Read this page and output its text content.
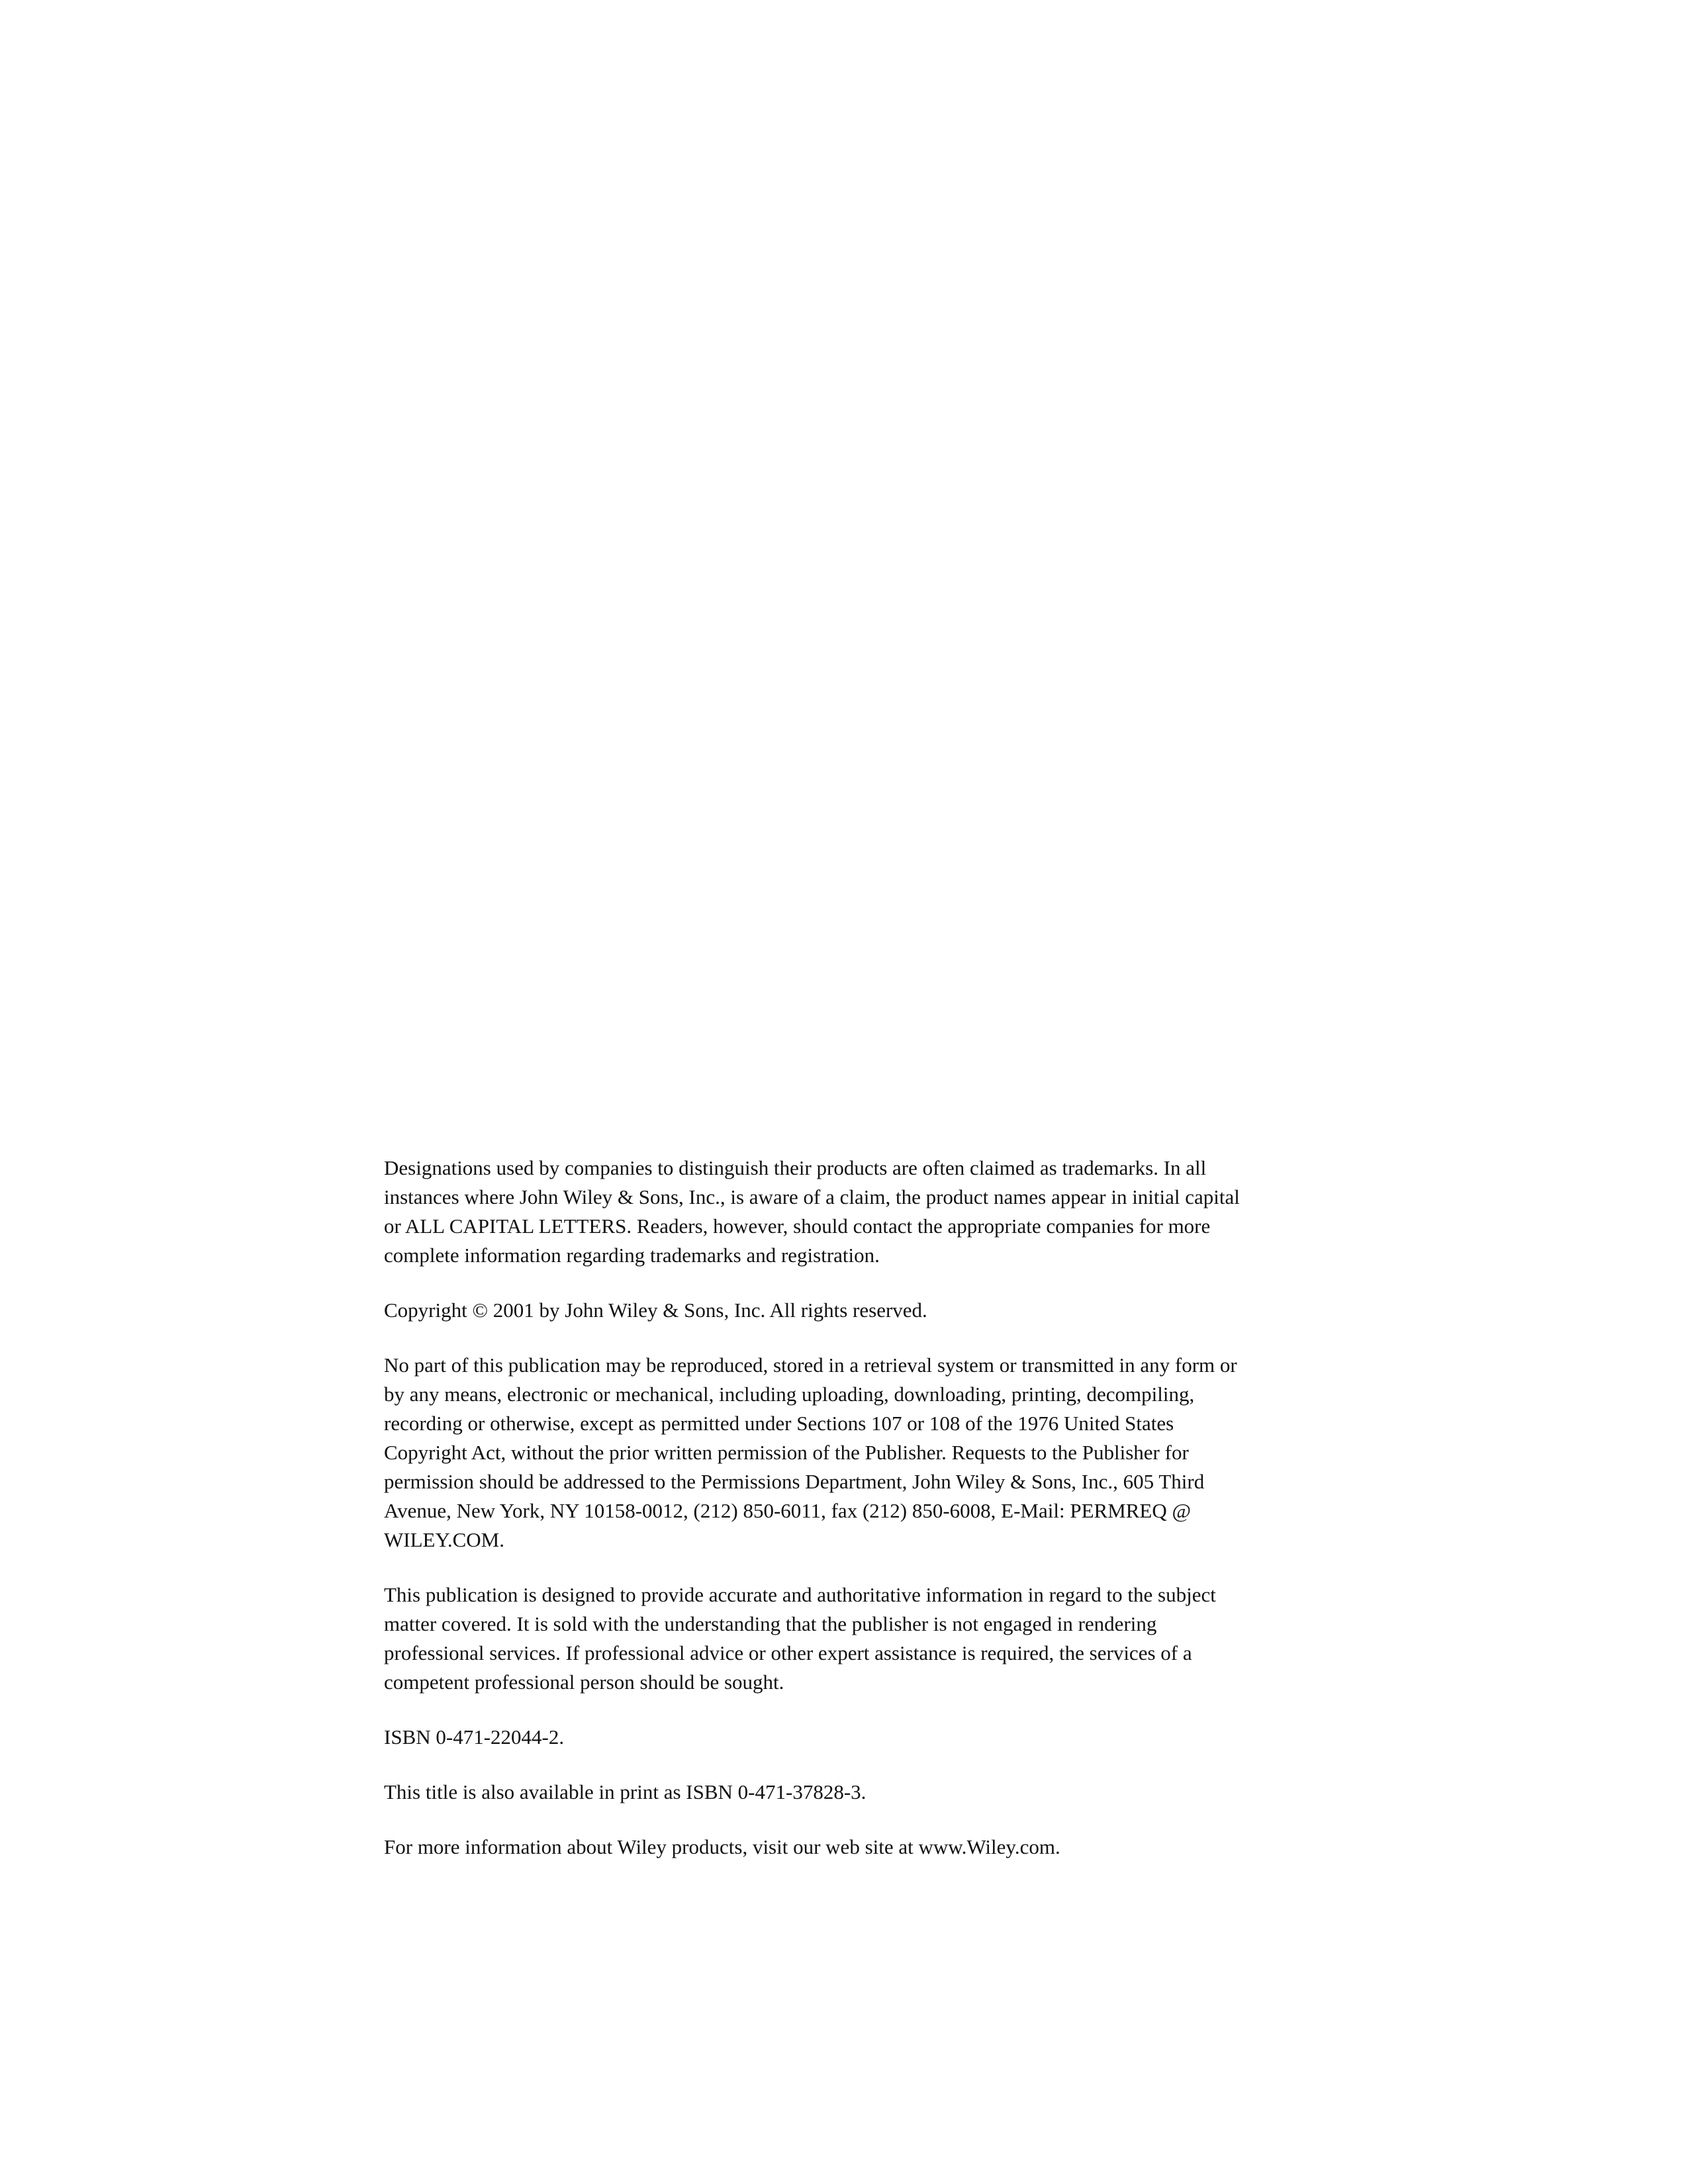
Designations used by companies to distinguish their products are often claimed as trademarks. In all
instances where John Wiley & Sons, Inc., is aware of a claim, the product names appear in initial capital
or ALL CAPITAL LETTERS. Readers, however, should contact the appropriate companies for more
complete information regarding trademarks and registration.

Copyright © 2001 by John Wiley & Sons, Inc. All rights reserved.

No part of this publication may be reproduced, stored in a retrieval system or transmitted in any form or
by any means, electronic or mechanical, including uploading, downloading, printing, decompiling,
recording or otherwise, except as permitted under Sections 107 or 108 of the 1976 United States
Copyright Act, without the prior written permission of the Publisher. Requests to the Publisher for
permission should be addressed to the Permissions Department, John Wiley & Sons, Inc., 605 Third
Avenue, New York, NY 10158-0012, (212) 850-6011, fax (212) 850-6008, E-Mail: PERMREQ @
WILEY.COM.

This publication is designed to provide accurate and authoritative information in regard to the subject
matter covered. It is sold with the understanding that the publisher is not engaged in rendering
professional services. If professional advice or other expert assistance is required, the services of a
competent professional person should be sought.

ISBN 0-471-22044-2.

This title is also available in print as ISBN 0-471-37828-3.

For more information about Wiley products, visit our web site at www.Wiley.com.
